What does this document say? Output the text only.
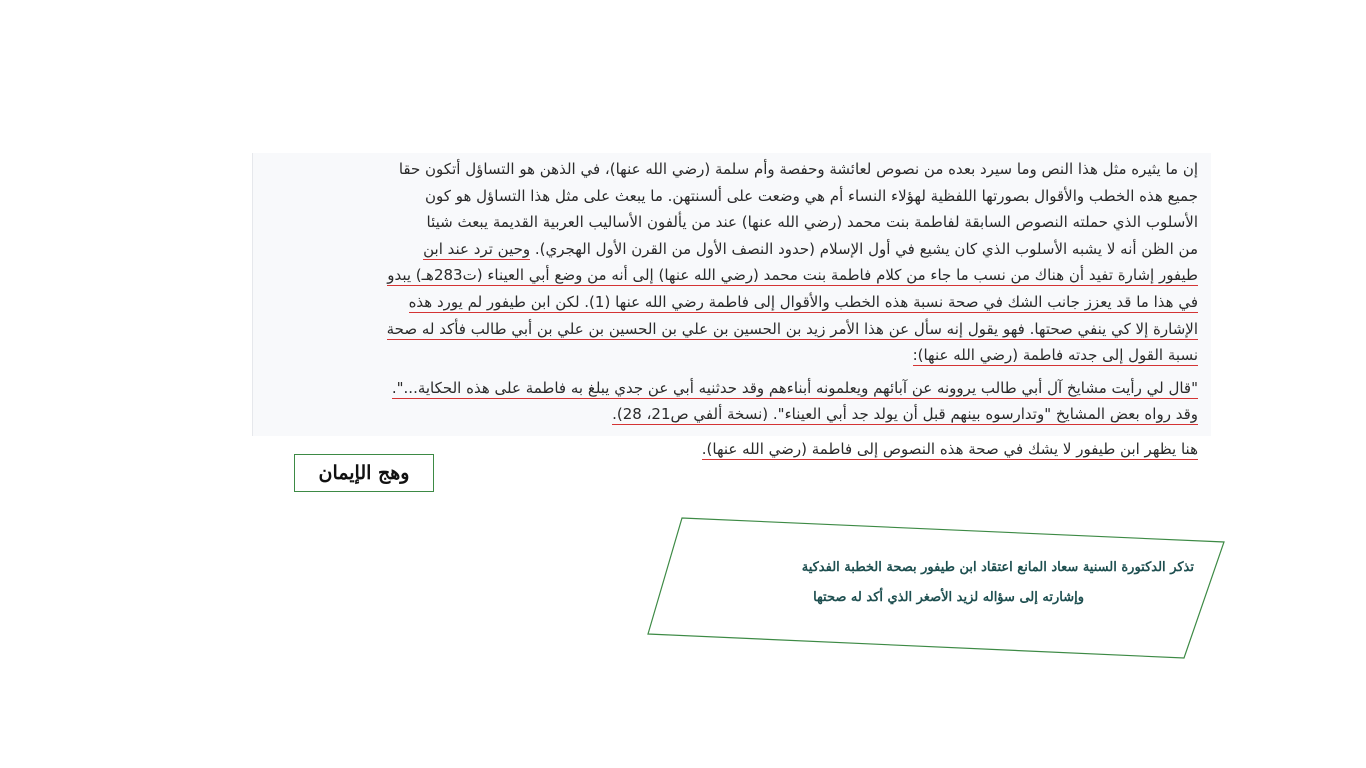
إن ما يثيره مثل هذا النص وما سيرد بعده من نصوص لعائشة وحفصة وأم سلمة (رضي الله عنها)، في الذهن هو التساؤل أتكون حقا
جميع هذه الخطب والأقوال بصورتها اللفظية لهؤلاء النساء أم هي وضعت على ألسنتهن. ما يبعث على مثل هذا التساؤل هو كون
الأسلوب الذي حملته النصوص السابقة لفاطمة بنت محمد (رضي الله عنها) عند من يألفون الأساليب العربية القديمة يبعث شيئا
من الظن أنه لا يشبه الأسلوب الذي كان يشيع في أول الإسلام (حدود النصف الأول من القرن الأول الهجري). وحين ترد عند ابن
طيفور إشارة تفيد أن هناك من نسب ما جاء من كلام فاطمة بنت محمد (رضي الله عنها) إلى أنه من وضع أبي العيناء (ت283هـ) يبدو
في هذا ما قد يعزز جانب الشك في صحة نسبة هذه الخطب والأقوال إلى فاطمة رضي الله عنها (1). لكن ابن طيفور لم يورد هذه
الإشارة إلا كي ينفي صحتها. فهو يقول إنه سأل عن هذا الأمر زيد بن الحسين بن علي بن الحسين بن علي بن أبي طالب فأكد له صحة
نسبة القول إلى جدته فاطمة (رضي الله عنها):
"قال لي رأيت مشايخ آل أبي طالب يروونه عن آبائهم ويعلمونه أبناءهم وقد حدثنيه أبي عن جدي يبلغ به فاطمة على هذه الحكاية...".
وقد رواه بعض المشايخ "وتدارسوه بينهم قبل أن يولد جد أبي العيناء". (نسخة ألفي ص21، 28).
هنا يظهر ابن طيفور لا يشك في صحة هذه النصوص إلى فاطمة (رضي الله عنها).
وهج الإيمان
تذكر الدكتورة السنية سعاد المانع اعتقاد ابن طيفور بصحة الخطبة الفدكية
وإشارته إلى سؤاله لزيد الأصغر الذي أكد له صحتها
